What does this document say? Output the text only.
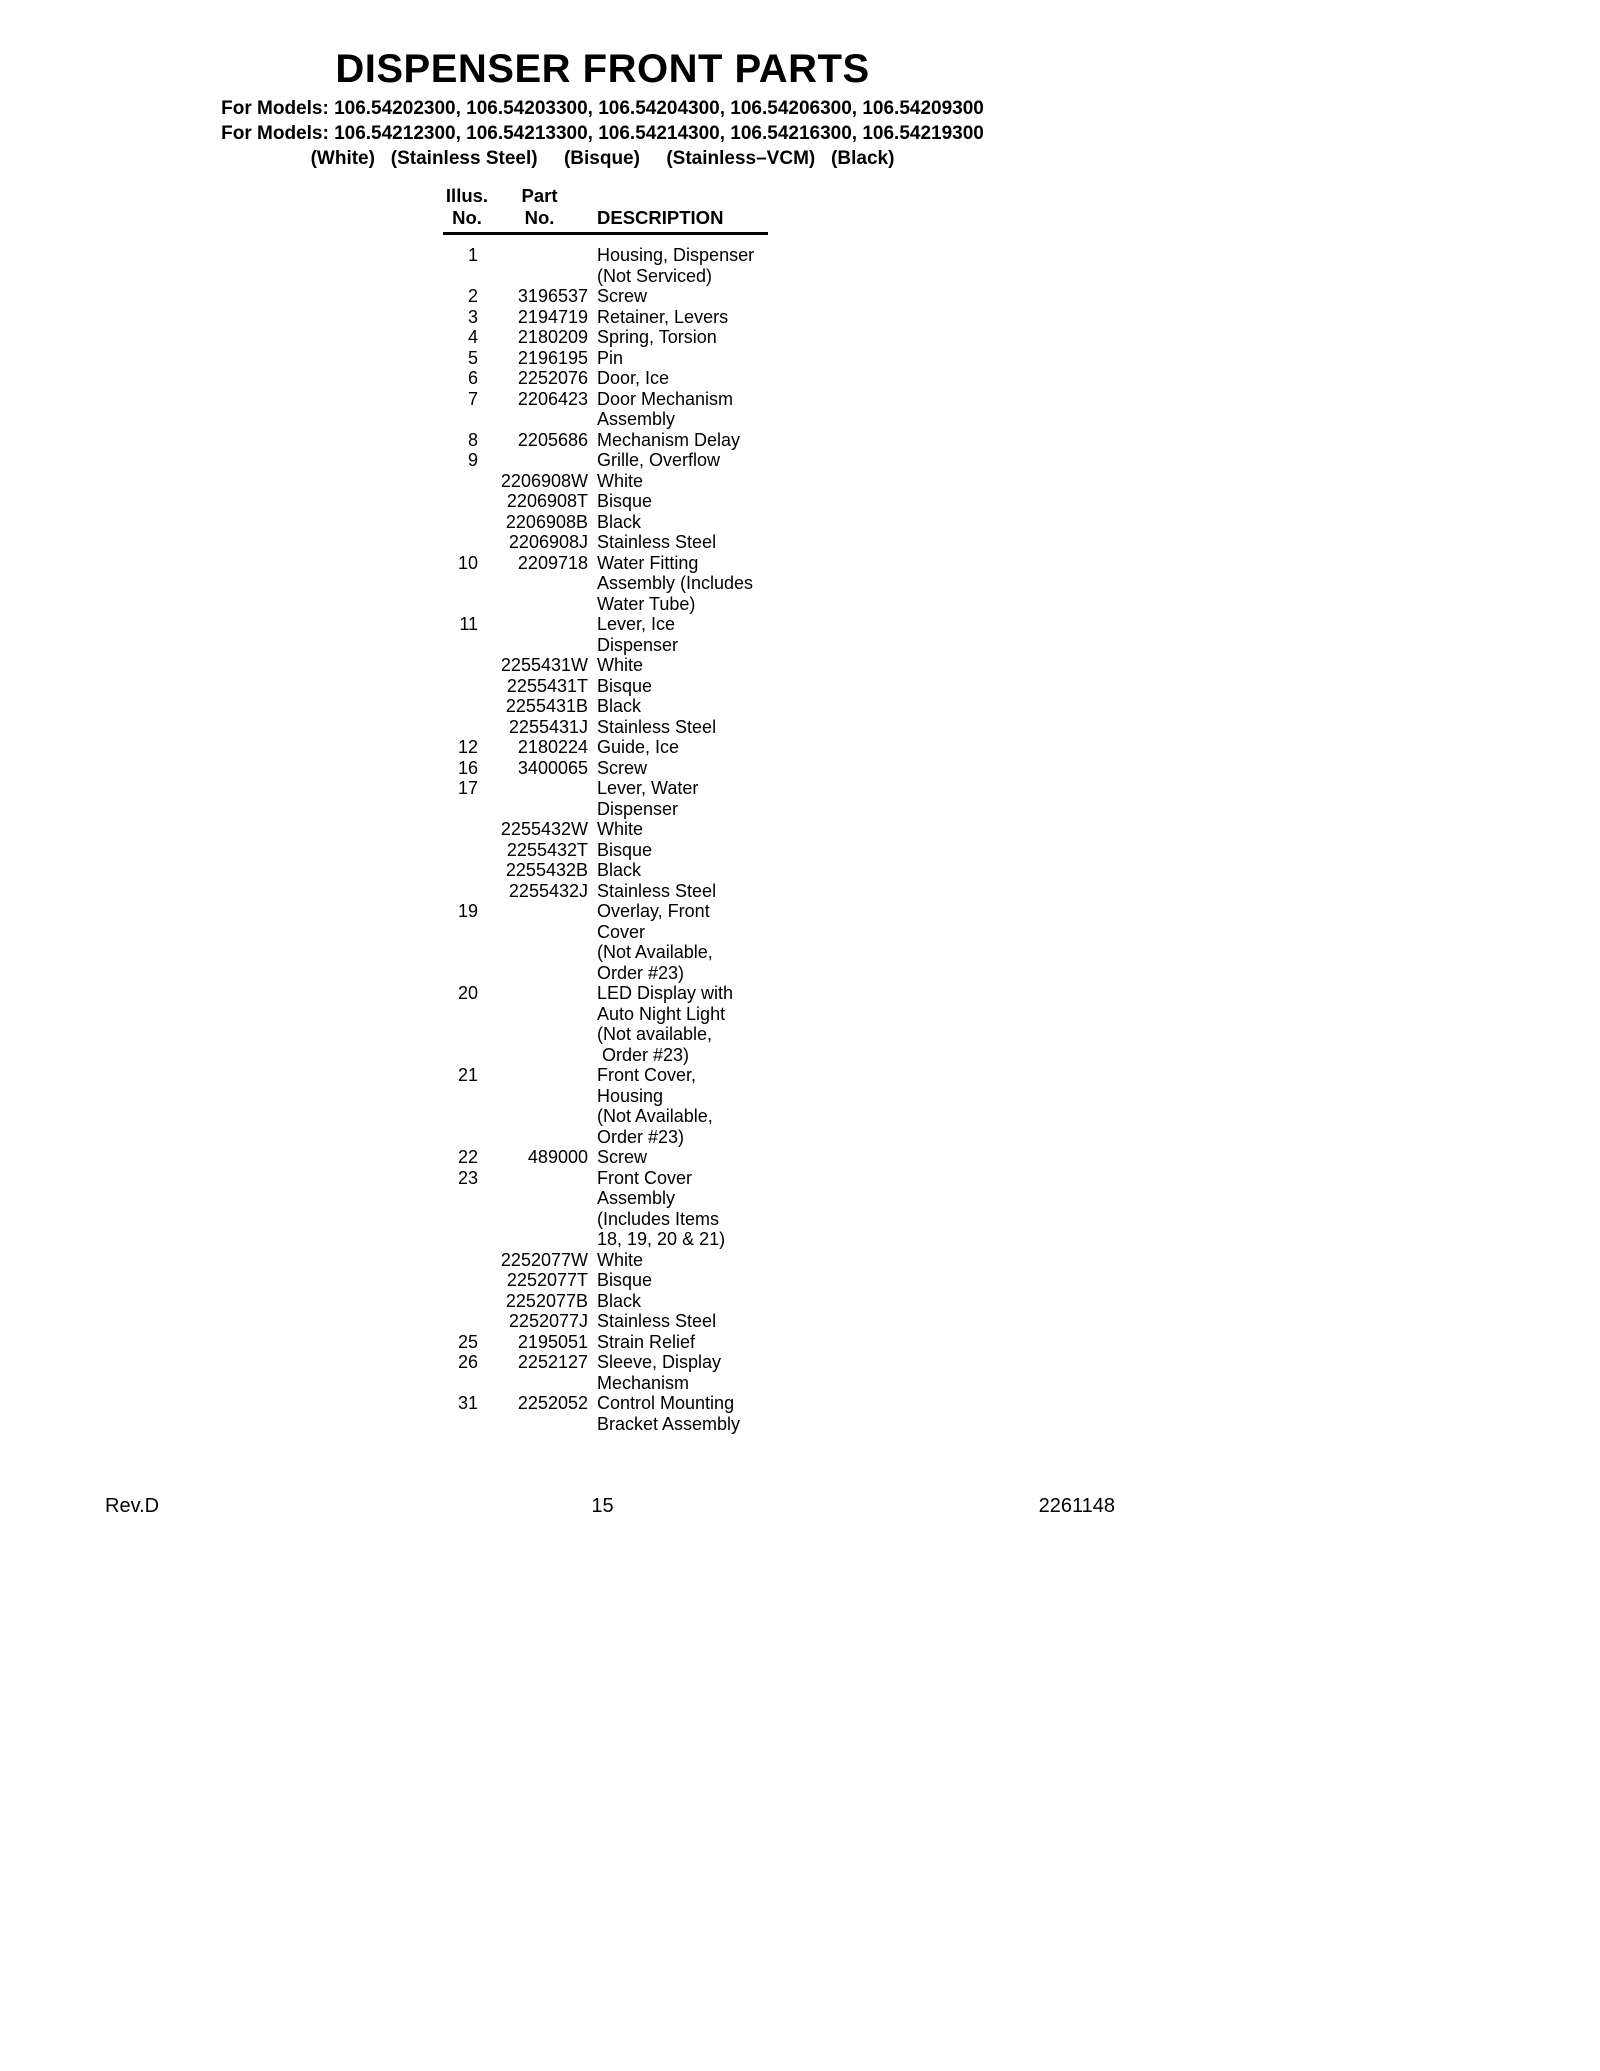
DISPENSER FRONT PARTS
For Models: 106.54202300, 106.54203300, 106.54204300, 106.54206300, 106.54209300
For Models: 106.54212300, 106.54213300, 106.54214300, 106.54216300, 106.54219300
(White)   (Stainless Steel)     (Bisque)     (Stainless–VCM)   (Black)
Illus.	Part
No.	No.	DESCRIPTION
1	Housing, Dispenser
(Not Serviced)
2	3196537 Screw
3	2194719 Retainer, Levers
4	2180209 Spring, Torsion
5	2196195 Pin
6	2252076 Door, Ice
7	2206423 Door Mechanism
Assembly
8	2205686 Mechanism Delay
9	Grille, Overflow
2206908W White
2206908T Bisque
2206908B Black
2206908J Stainless Steel
10	2209718 Water Fitting
Assembly (Includes
Water Tube)
11	Lever, Ice
Dispenser
2255431W White
2255431T Bisque
2255431B Black
2255431J Stainless Steel
12	2180224 Guide, Ice
16	3400065 Screw
17	Lever, Water
Dispenser
2255432W White
2255432T Bisque
2255432B Black
2255432J Stainless Steel
19	Overlay, Front
Cover
(Not Available,
Order #23)
20	LED Display with
Auto Night Light
(Not available,
Order #23)
21	Front Cover,
Housing
(Not Available,
Order #23)
22	489000 Screw
23	Front Cover
Assembly
(Includes Items
18, 19, 20 & 21)
2252077W White
2252077T Bisque
2252077B Black
2252077J Stainless Steel
25	2195051 Strain Relief
26	2252127 Sleeve, Display
Mechanism
31	2252052 Control Mounting
Bracket Assembly
Rev.D	15	2261148
